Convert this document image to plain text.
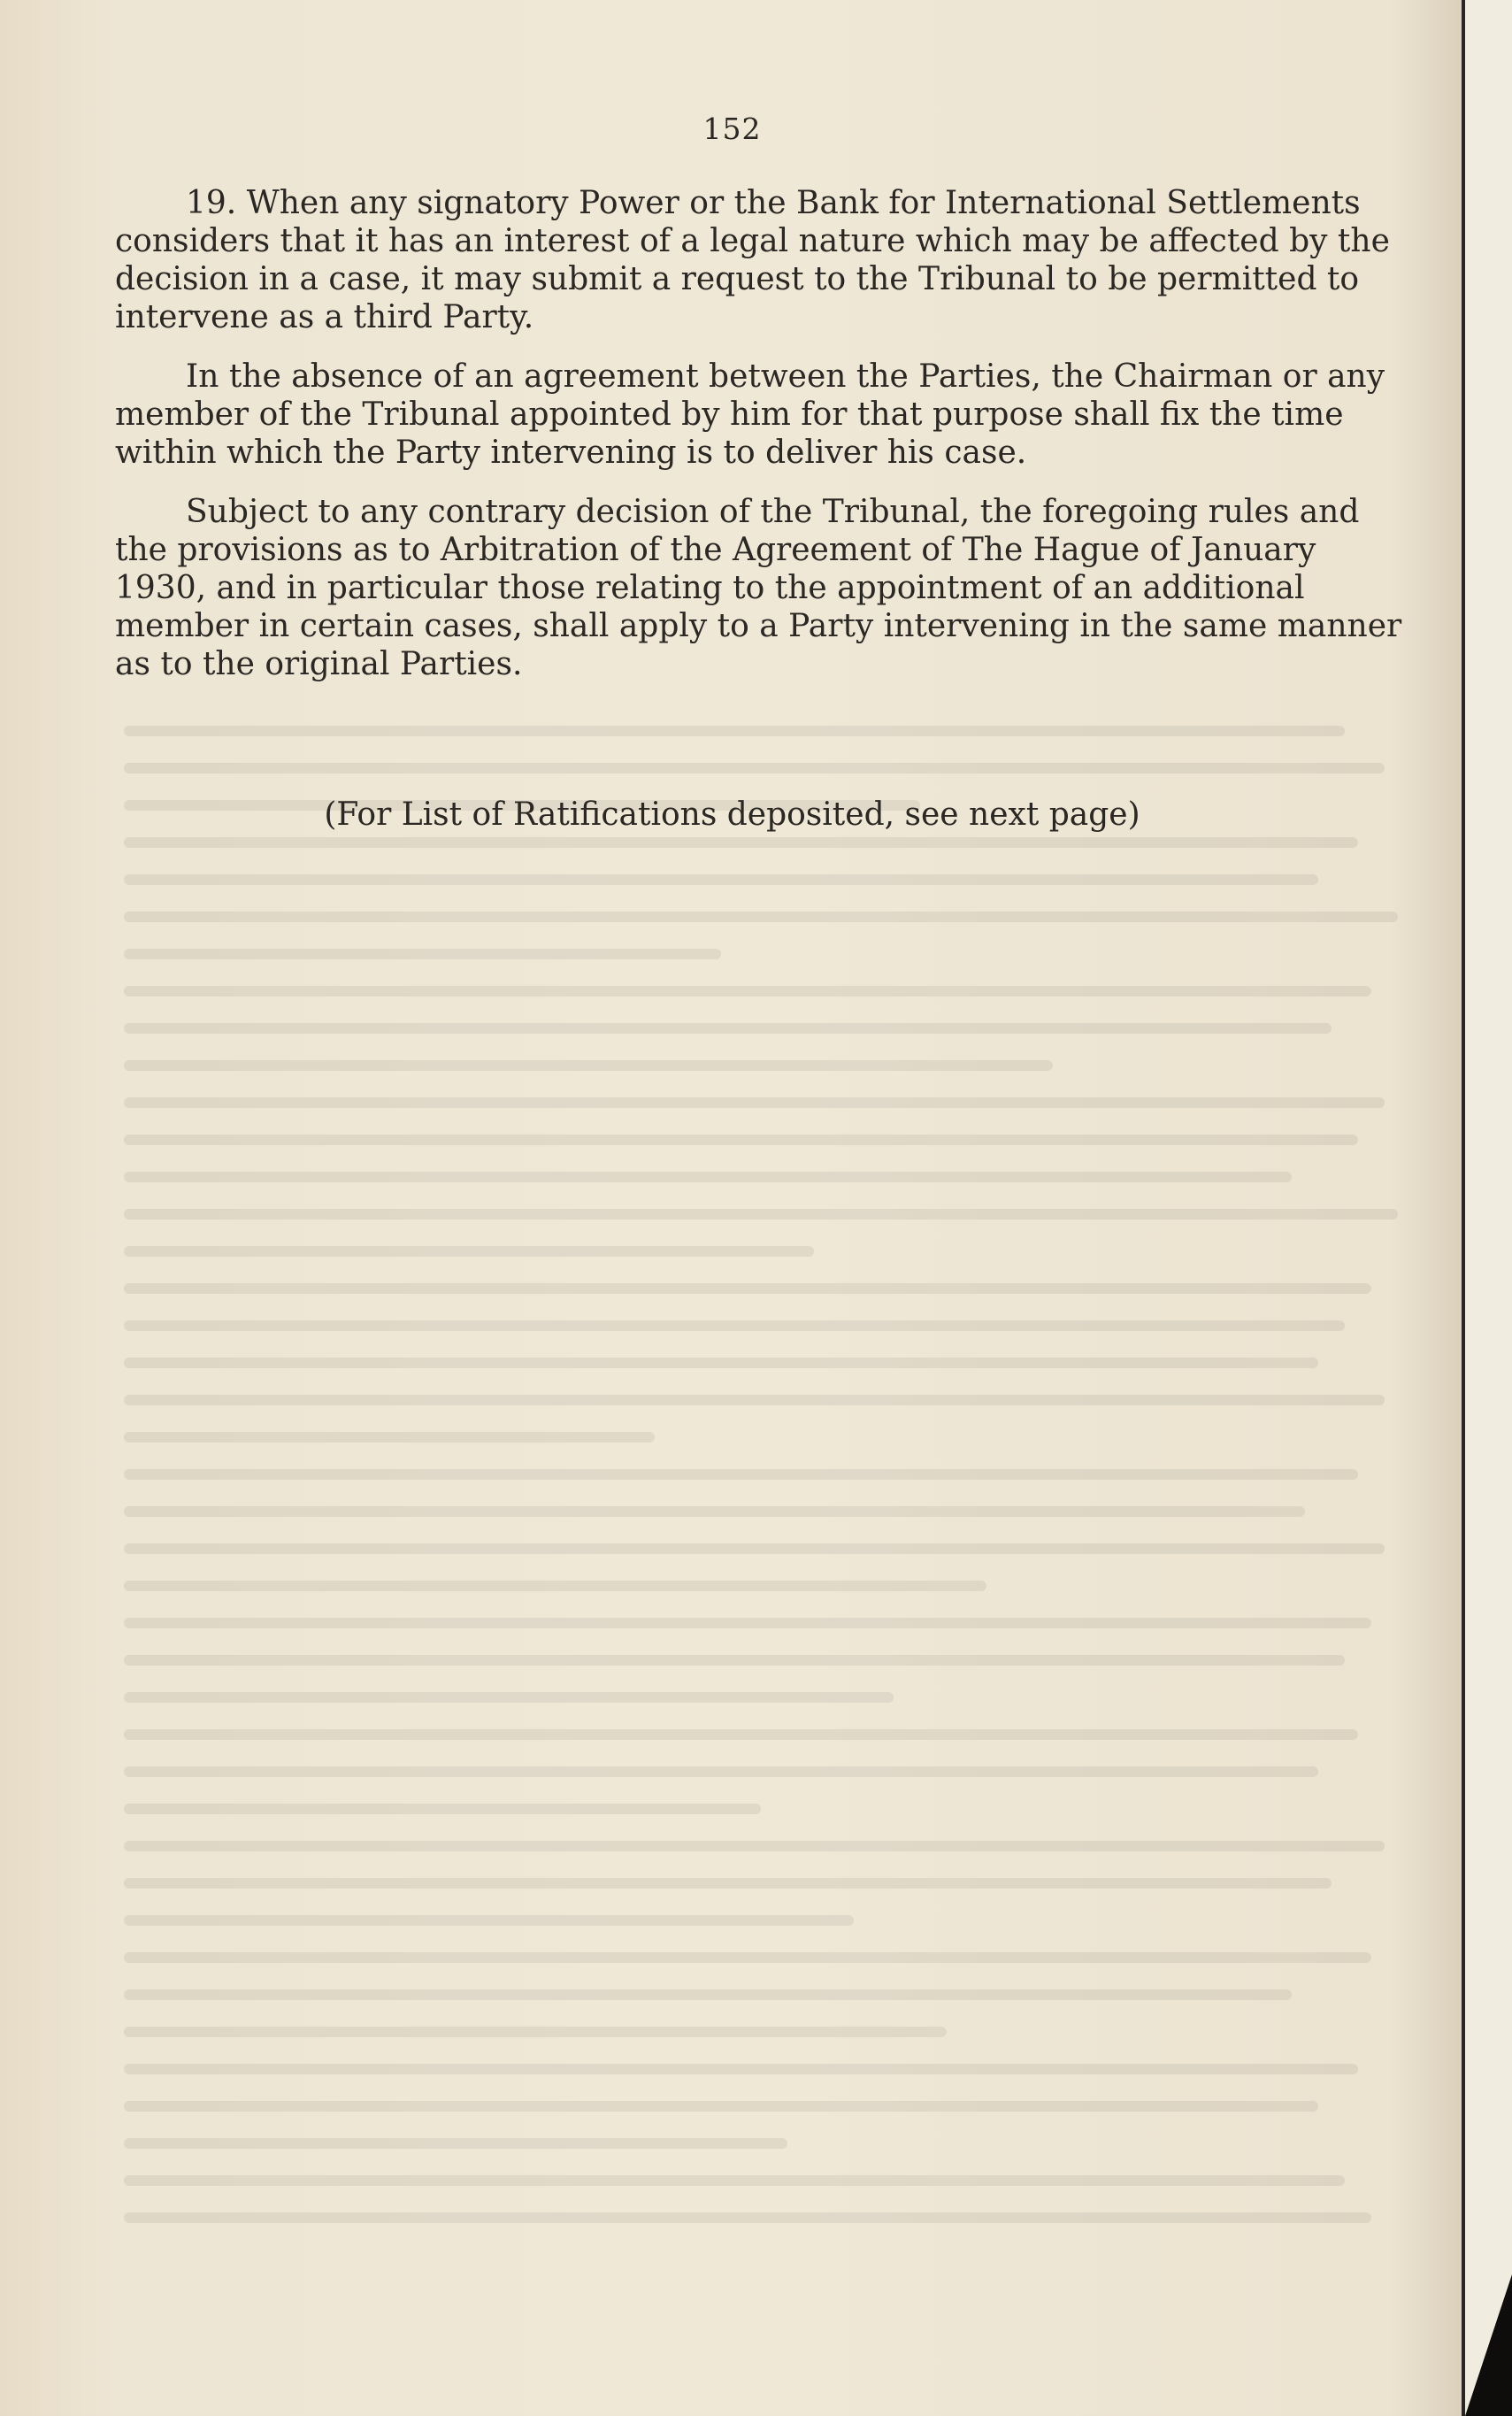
152

19. When any signatory Power or the Bank for International Settlements
considers that it has an interest of a legal nature which may be affected by the
decision in a case, it may submit a request to the Tribunal to be permitted to
intervene as a third Party.

In the absence of an agreement between the Parties, the Chairman or any
member of the Tribunal appointed by him for that purpose shall fix the time
within which the Party intervening is to deliver his case.

Subject to any contrary decision of the Tribunal, the foregoing rules and
the provisions as to Arbitration of the Agreement of The Hague of January
1930, and in particular those relating to the appointment of an additional
member in certain cases, shall apply to a Party intervening in the same manner
as to the original Parties.

(For List of Ratifications deposited, see next page)
